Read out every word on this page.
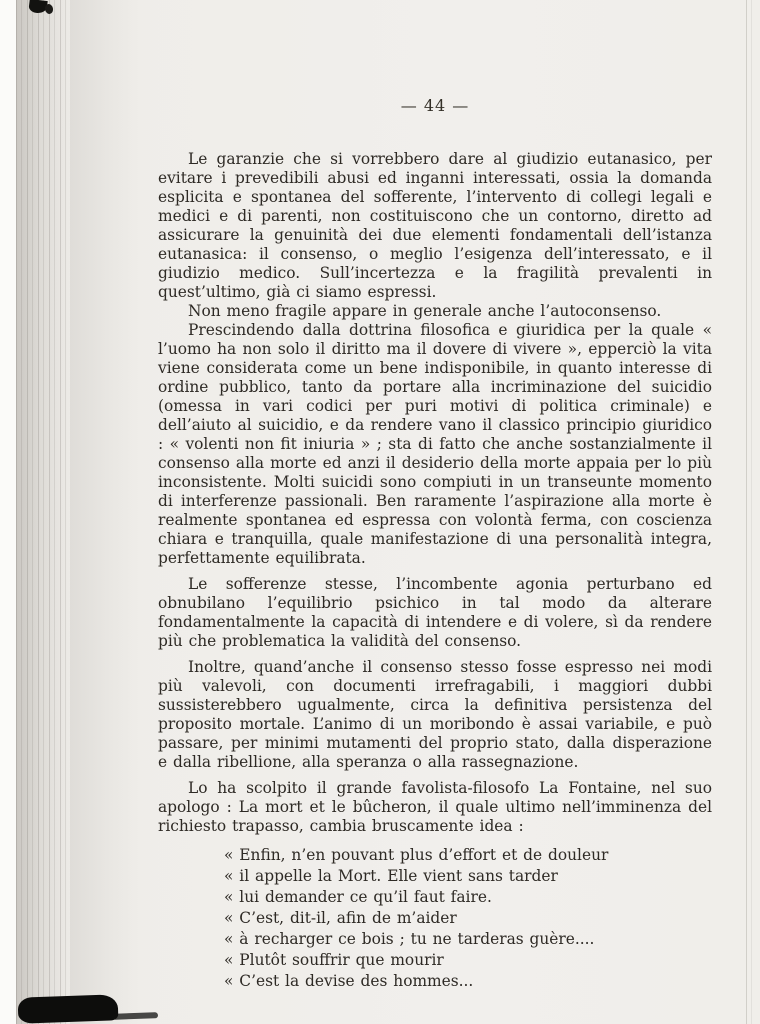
— 44 —

Le garanzie che si vorrebbero dare al giudizio eutanasico, per evitare i prevedibili abusi ed inganni interessati, ossia la domanda esplicita e spontanea del sofferente, l’intervento di collegi legali e medici e di parenti, non costituiscono che un contorno, diretto ad assicurare la genuinità dei due elementi fondamentali dell’istanza eutanasica: il consenso, o meglio l’esigenza dell’interessato, e il giudizio medico. Sull’incertezza e la fragilità prevalenti in quest’ultimo, già ci siamo espressi.

Non meno fragile appare in generale anche l’autoconsenso.

Prescindendo dalla dottrina filosofica e giuridica per la quale « l’uomo ha non solo il diritto ma il dovere di vivere », epperciò la vita viene considerata come un bene indisponibile, in quanto interesse di ordine pubblico, tanto da portare alla incriminazione del suicidio (omessa in vari codici per puri motivi di politica criminale) e dell’aiuto al suicidio, e da rendere vano il classico principio giuridico : « volenti non fit iniuria » ; sta di fatto che anche sostanzialmente il consenso alla morte ed anzi il desiderio della morte appaia per lo più inconsistente. Molti suicidi sono compiuti in un transeunte momento di interferenze passionali. Ben raramente l’aspirazione alla morte è realmente spontanea ed espressa con volontà ferma, con coscienza chiara e tranquilla, quale manifestazione di una personalità integra, perfettamente equilibrata.

Le sofferenze stesse, l’incombente agonia perturbano ed obnubilano l’equilibrio psichico in tal modo da alterare fondamentalmente la capacità di intendere e di volere, sì da rendere più che problematica la validità del consenso.

Inoltre, quand’anche il consenso stesso fosse espresso nei modi più valevoli, con documenti irrefragabili, i maggiori dubbi sussisterebbero ugualmente, circa la definitiva persistenza del proposito mortale. L’animo di un moribondo è assai variabile, e può passare, per minimi mutamenti del proprio stato, dalla disperazione e dalla ribellione, alla speranza o alla rassegnazione.

Lo ha scolpito il grande favolista-filosofo La Fontaine, nel suo apologo : La mort et le bûcheron, il quale ultimo nell’imminenza del richiesto trapasso, cambia bruscamente idea :

« Enfin, n’en pouvant plus d’effort et de douleur
« il appelle la Mort. Elle vient sans tarder
« lui demander ce qu’il faut faire.
« C’est, dit-il, afin de m’aider
« à recharger ce bois ; tu ne tarderas guère....
« Plutôt souffrir que mourir
« C’est la devise des hommes...
